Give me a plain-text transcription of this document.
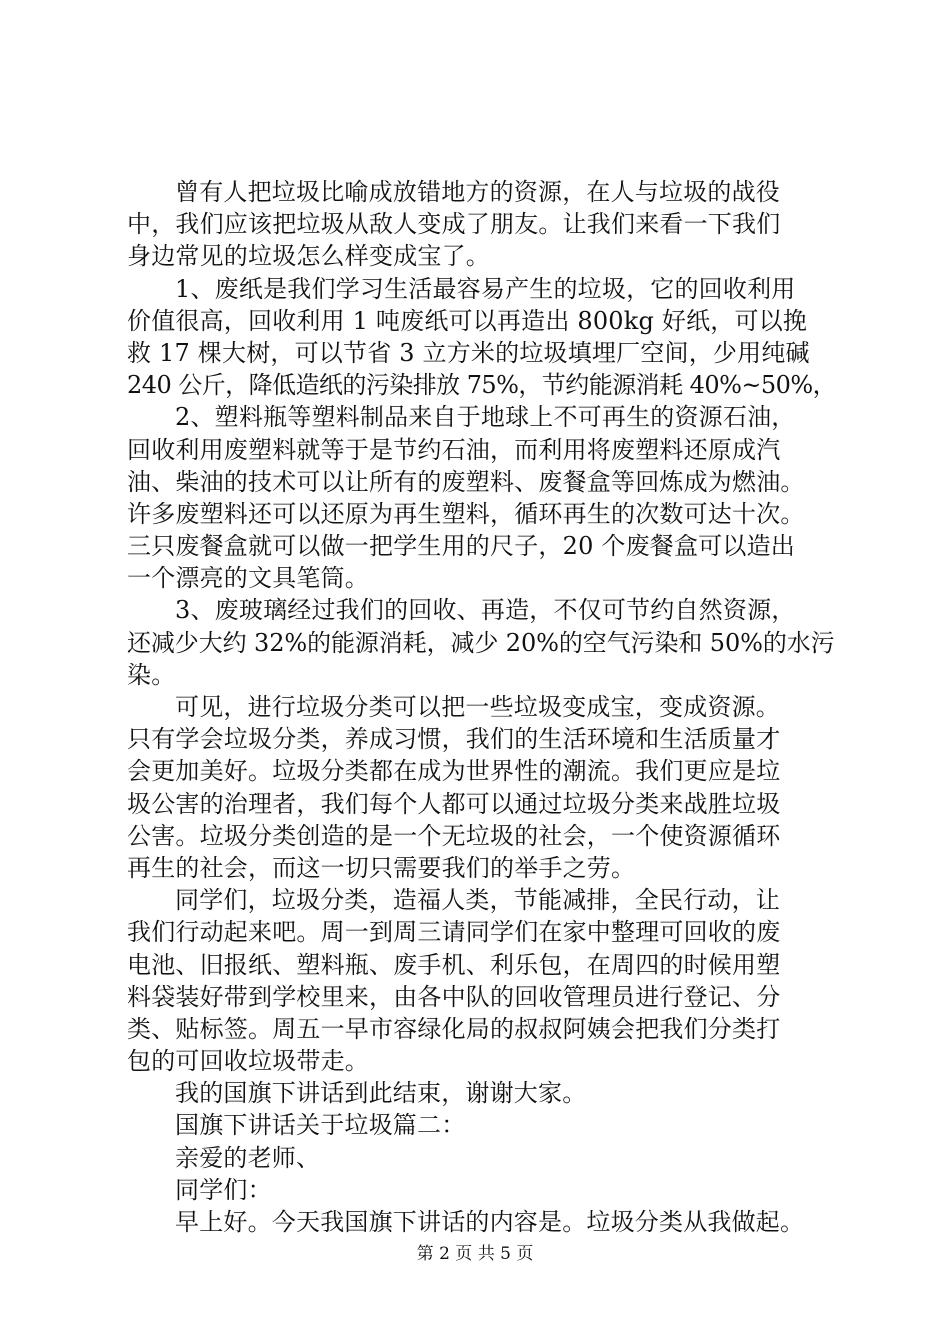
曾有人把垃圾比喻成放错地方的资源，在人与垃圾的战役
中，我们应该把垃圾从敌人变成了朋友。让我们来看一下我们
身边常见的垃圾怎么样变成宝了。
1、废纸是我们学习生活最容易产生的垃圾，它的回收利用
价值很高，回收利用 1 吨废纸可以再造出 800kg 好纸，可以挽
救 17 棵大树，可以节省 3 立方米的垃圾填埋厂空间，少用纯碱
240 公斤，降低造纸的污染排放 75%，节约能源消耗 40%~50%，
2、塑料瓶等塑料制品来自于地球上不可再生的资源石油，
回收利用废塑料就等于是节约石油，而利用将废塑料还原成汽
油、柴油的技术可以让所有的废塑料、废餐盒等回炼成为燃油。
许多废塑料还可以还原为再生塑料，循环再生的次数可达十次。
三只废餐盒就可以做一把学生用的尺子，20 个废餐盒可以造出
一个漂亮的文具笔筒。
3、废玻璃经过我们的回收、再造，不仅可节约自然资源，
还减少大约 32%的能源消耗，减少 20%的空气污染和 50%的水污
染。
可见，进行垃圾分类可以把一些垃圾变成宝，变成资源。
只有学会垃圾分类，养成习惯，我们的生活环境和生活质量才
会更加美好。垃圾分类都在成为世界性的潮流。我们更应是垃
圾公害的治理者，我们每个人都可以通过垃圾分类来战胜垃圾
公害。垃圾分类创造的是一个无垃圾的社会，一个使资源循环
再生的社会，而这一切只需要我们的举手之劳。
同学们，垃圾分类，造福人类，节能减排，全民行动，让
我们行动起来吧。周一到周三请同学们在家中整理可回收的废
电池、旧报纸、塑料瓶、废手机、利乐包，在周四的时候用塑
料袋装好带到学校里来，由各中队的回收管理员进行登记、分
类、贴标签。周五一早市容绿化局的叔叔阿姨会把我们分类打
包的可回收垃圾带走。
我的国旗下讲话到此结束，谢谢大家。
国旗下讲话关于垃圾篇二：
亲爱的老师、
同学们：
早上好。今天我国旗下讲话的内容是。垃圾分类从我做起。
第 2 页 共 5 页
